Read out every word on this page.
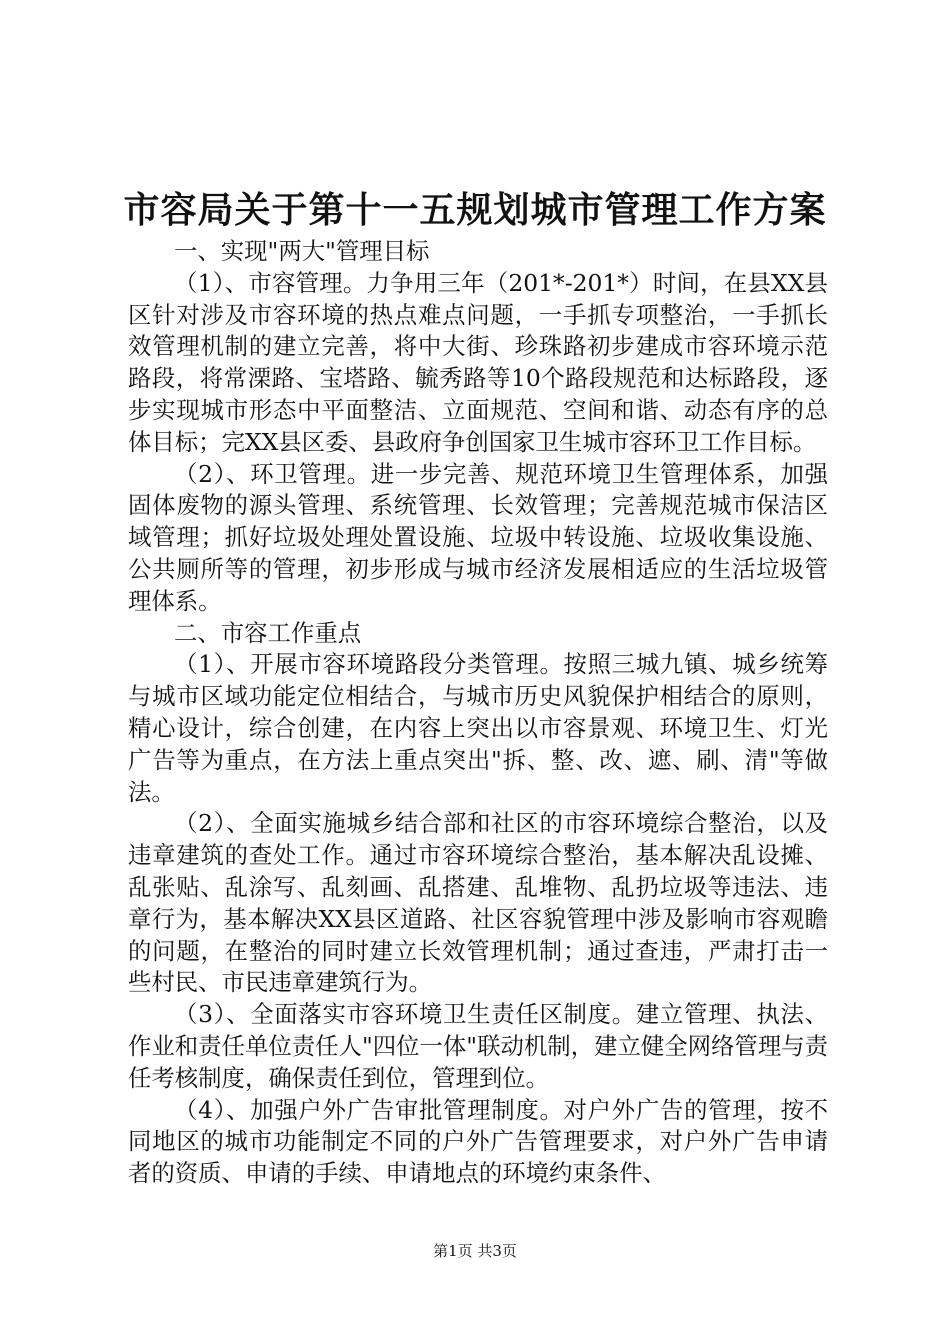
市容局关于第十一五规划城市管理工作方案

一、实现"两大"管理目标

（1）、市容管理。力争用三年（201*-201*）时间，在县XX县区针对涉及市容环境的热点难点问题，一手抓专项整治，一手抓长效管理机制的建立完善，将中大街、珍珠路初步建成市容环境示范路段，将常溧路、宝塔路、毓秀路等10个路段规范和达标路段，逐步实现城市形态中平面整洁、立面规范、空间和谐、动态有序的总体目标；完XX县区委、县政府争创国家卫生城市容环卫工作目标。

（2）、环卫管理。进一步完善、规范环境卫生管理体系，加强固体废物的源头管理、系统管理、长效管理；完善规范城市保洁区域管理；抓好垃圾处理处置设施、垃圾中转设施、垃圾收集设施、公共厕所等的管理，初步形成与城市经济发展相适应的生活垃圾管理体系。

二、市容工作重点

（1）、开展市容环境路段分类管理。按照三城九镇、城乡统筹与城市区域功能定位相结合，与城市历史风貌保护相结合的原则，精心设计，综合创建，在内容上突出以市容景观、环境卫生、灯光广告等为重点，在方法上重点突出"拆、整、改、遮、刷、清"等做法。

（2）、全面实施城乡结合部和社区的市容环境综合整治，以及违章建筑的查处工作。通过市容环境综合整治，基本解决乱设摊、乱张贴、乱涂写、乱刻画、乱搭建、乱堆物、乱扔垃圾等违法、违章行为，基本解决XX县区道路、社区容貌管理中涉及影响市容观瞻的问题，在整治的同时建立长效管理机制；通过查违，严肃打击一些村民、市民违章建筑行为。

（3）、全面落实市容环境卫生责任区制度。建立管理、执法、作业和责任单位责任人"四位一体"联动机制，建立健全网络管理与责任考核制度，确保责任到位，管理到位。

（4）、加强户外广告审批管理制度。对户外广告的管理，按不同地区的城市功能制定不同的户外广告管理要求，对户外广告申请者的资质、申请的手续、申请地点的环境约束条件、

第1页 共3页
